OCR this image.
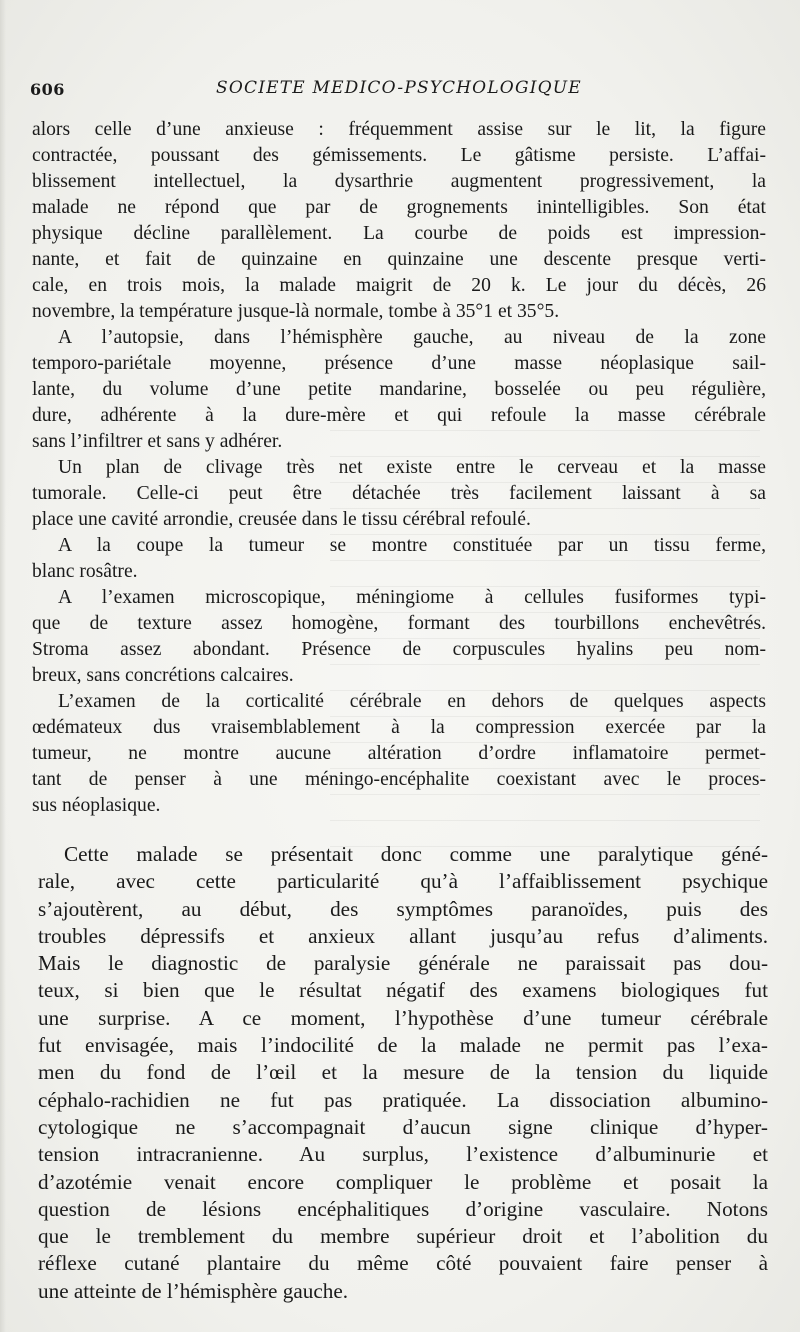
606	SOCIETE MEDICO-PSYCHOLOGIQUE
alors celle d’une anxieuse : fréquemment assise sur le lit, la figure
contractée, poussant des gémissements. Le gâtisme persiste. L’affai-
blissement intellectuel, la dysarthrie augmentent progressivement, la
malade ne répond que par de grognements inintelligibles. Son état
physique décline parallèlement. La courbe de poids est impression-
nante, et fait de quinzaine en quinzaine une descente presque verti-
cale, en trois mois, la malade maigrit de 20 k. Le jour du décès, 26
novembre, la température jusque-là normale, tombe à 35°1 et 35°5.
A l’autopsie, dans l’hémisphère gauche, au niveau de la zone
temporo-pariétale moyenne, présence d’une masse néoplasique sail-
lante, du volume d’une petite mandarine, bosselée ou peu régulière,
dure, adhérente à la dure-mère et qui refoule la masse cérébrale
sans l’infiltrer et sans y adhérer.
Un plan de clivage très net existe entre le cerveau et la masse
tumorale. Celle-ci peut être détachée très facilement laissant à sa
place une cavité arrondie, creusée dans le tissu cérébral refoulé.
A la coupe la tumeur se montre constituée par un tissu ferme,
blanc rosâtre.
A l’examen microscopique, méningiome à cellules fusiformes typi-
que de texture assez homogène, formant des tourbillons enchevêtrés.
Stroma assez abondant. Présence de corpuscules hyalins peu nom-
breux, sans concrétions calcaires.
L’examen de la corticalité cérébrale en dehors de quelques aspects
œdémateux dus vraisemblablement à la compression exercée par la
tumeur, ne montre aucune altération d’ordre inflamatoire permet-
tant de penser à une méningo-encéphalite coexistant avec le proces-
sus néoplasique.
Cette malade se présentait donc comme une paralytique géné-
rale, avec cette particularité qu’à l’affaiblissement psychique
s’ajoutèrent, au début, des symptômes paranoïdes, puis des
troubles dépressifs et anxieux allant jusqu’au refus d’aliments.
Mais le diagnostic de paralysie générale ne paraissait pas dou-
teux, si bien que le résultat négatif des examens biologiques fut
une surprise. A ce moment, l’hypothèse d’une tumeur cérébrale
fut envisagée, mais l’indocilité de la malade ne permit pas l’exa-
men du fond de l’œil et la mesure de la tension du liquide
céphalo-rachidien ne fut pas pratiquée. La dissociation albumino-
cytologique ne s’accompagnait d’aucun signe clinique d’hyper-
tension intracranienne. Au surplus, l’existence d’albuminurie et
d’azotémie venait encore compliquer le problème et posait la
question de lésions encéphalitiques d’origine vasculaire. Notons
que le tremblement du membre supérieur droit et l’abolition du
réflexe cutané plantaire du même côté pouvaient faire penser à
une atteinte de l’hémisphère gauche.
